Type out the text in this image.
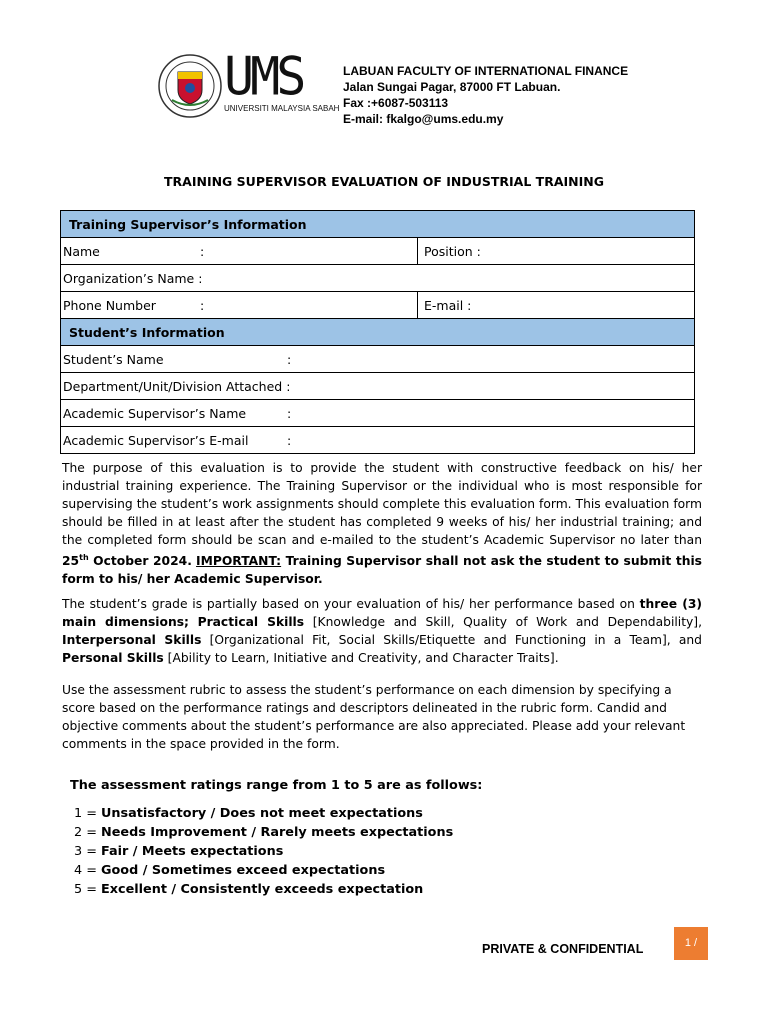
UMS
UNIVERSITI MALAYSIA SABAH
LABUAN FACULTY OF INTERNATIONAL FINANCE
Jalan Sungai Pagar, 87000 FT Labuan.
Fax :+6087-503113
E-mail: fkalgo@ums.edu.my
TRAINING SUPERVISOR EVALUATION OF INDUSTRIAL TRAINING
Training Supervisor’s Information	
Name :	Position :
Organization’s Name :	
Phone Number :	E-mail :
Student’s Information	
Student’s Name :	
Department/Unit/Division Attached :	
Academic Supervisor’s Name :	
Academic Supervisor’s E-mail :	
The purpose of this evaluation is to provide the student with constructive feedback on his/ her industrial training experience. The Training Supervisor or the individual who is most responsible for supervising the student’s work assignments should complete this evaluation form. This evaluation form should be filled in at least after the student has completed 9 weeks of his/ her industrial training; and the completed form should be scan and e-mailed to the student’s Academic Supervisor no later than 25th October 2024. IMPORTANT: Training Supervisor shall not ask the student to submit this form to his/ her Academic Supervisor.
The student’s grade is partially based on your evaluation of his/ her performance based on three (3) main dimensions; Practical Skills [Knowledge and Skill, Quality of Work and Dependability], Interpersonal Skills [Organizational Fit, Social Skills/Etiquette and Functioning in a Team], and Personal Skills [Ability to Learn, Initiative and Creativity, and Character Traits].
Use the assessment rubric to assess the student’s performance on each dimension by specifying a score based on the performance ratings and descriptors delineated in the rubric form. Candid and objective comments about the student’s performance are also appreciated. Please add your relevant comments in the space provided in the form.
The assessment ratings range from 1 to 5 are as follows:
1 = Unsatisfactory / Does not meet expectations
2 = Needs Improvement / Rarely meets expectations
3 = Fair / Meets expectations
4 = Good / Sometimes exceed expectations
5 = Excellent / Consistently exceeds expectation
PRIVATE & CONFIDENTIAL	1 /
